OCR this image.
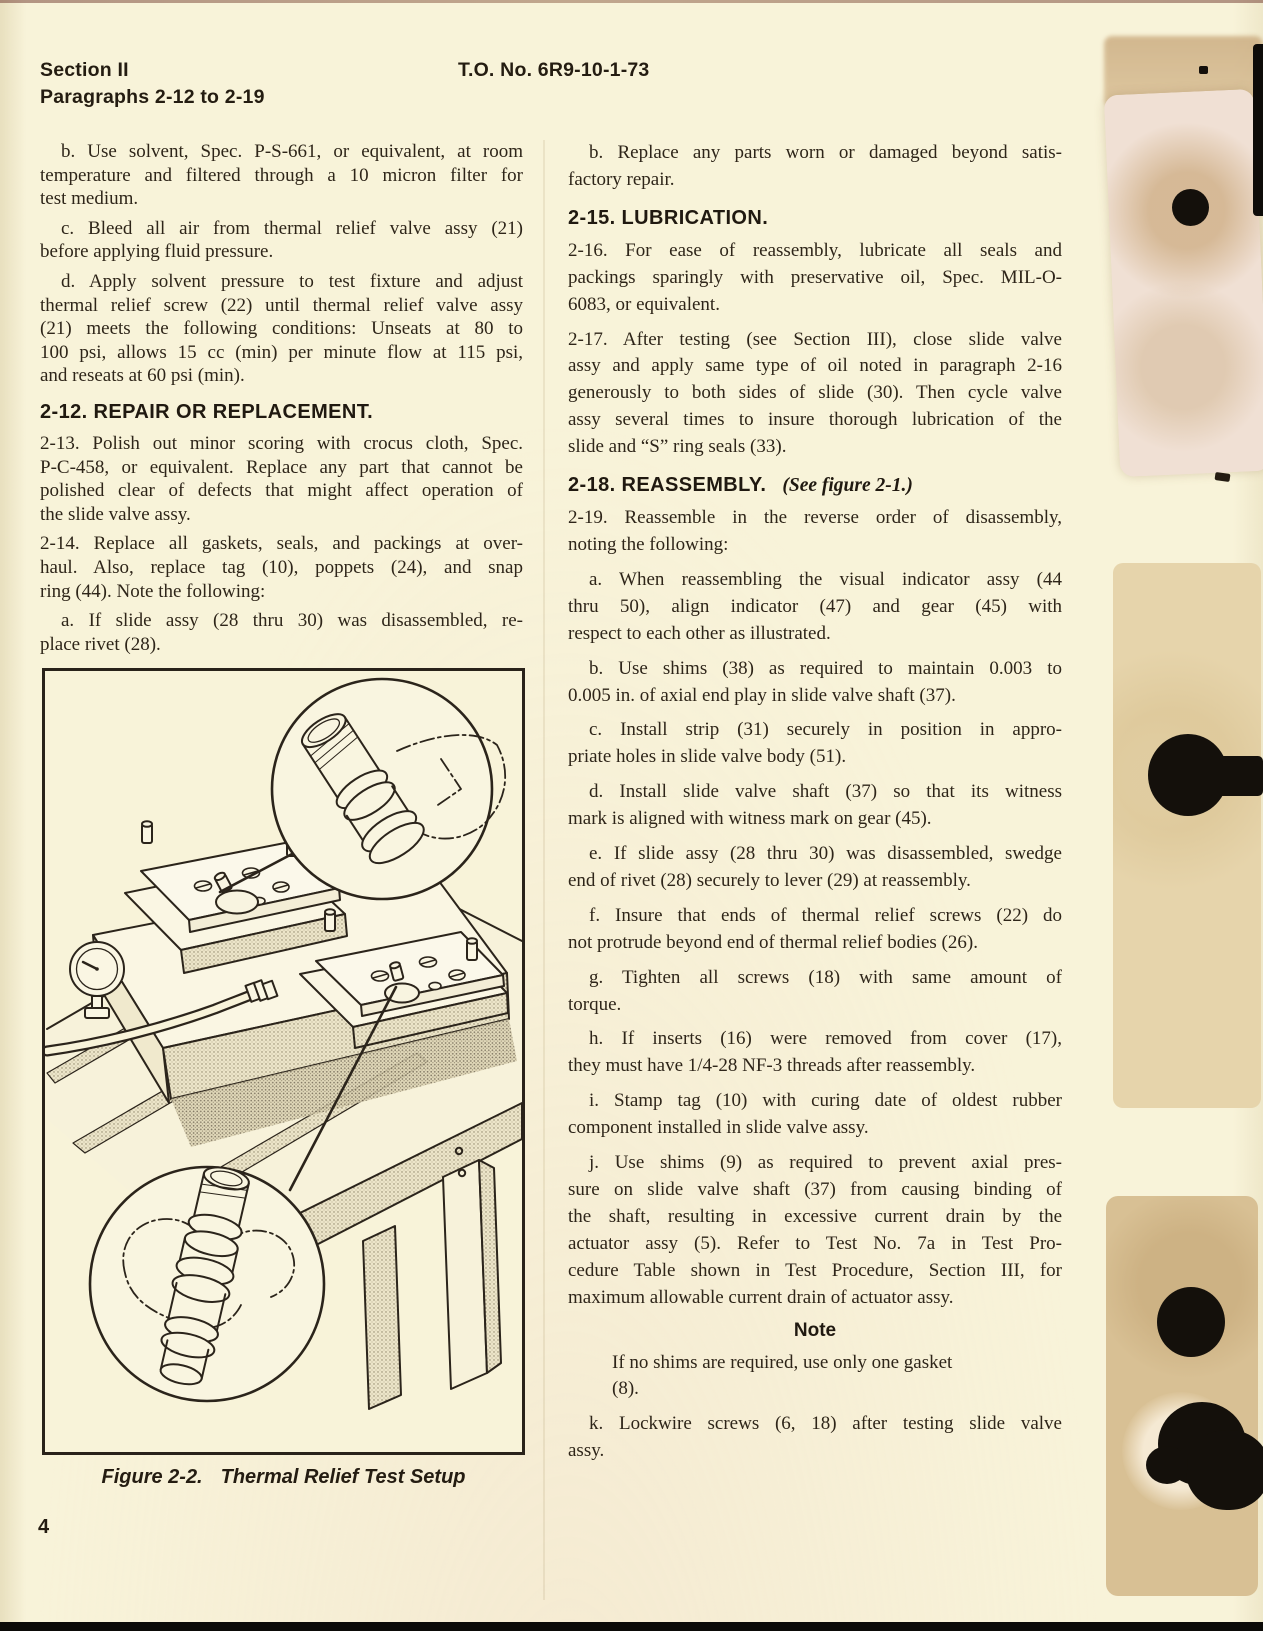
Section II
Paragraphs 2-12 to 2-19
T.O. No. 6R9-10-1-73
b. Use solvent, Spec. P-S-661, or equivalent, at room
temperature and filtered through a 10 micron filter for
test medium.
c. Bleed all air from thermal relief valve assy (21)
before applying fluid pressure.
d. Apply solvent pressure to test fixture and adjust
thermal relief screw (22) until thermal relief valve assy
(21) meets the following conditions: Unseats at 80 to
100 psi, allows 15 cc (min) per minute flow at 115 psi,
and reseats at 60 psi (min).
2-12. REPAIR OR REPLACEMENT.
2-13. Polish out minor scoring with crocus cloth, Spec.
P-C-458, or equivalent. Replace any part that cannot be
polished clear of defects that might affect operation of
the slide valve assy.
2-14. Replace all gaskets, seals, and packings at over-
haul. Also, replace tag (10), poppets (24), and snap
ring (44). Note the following:
a. If slide assy (28 thru 30) was disassembled, re-
place rivet (28).
b. Replace any parts worn or damaged beyond satis-
factory repair.
2-15. LUBRICATION.
2-16. For ease of reassembly, lubricate all seals and
packings sparingly with preservative oil, Spec. MIL-O-
6083, or equivalent.
2-17. After testing (see Section III), close slide valve
assy and apply same type of oil noted in paragraph 2-16
generously to both sides of slide (30). Then cycle valve
assy several times to insure thorough lubrication of the
slide and “S” ring seals (33).
2-18. REASSEMBLY. (See figure 2-1.)
2-19. Reassemble in the reverse order of disassembly,
noting the following:
a. When reassembling the visual indicator assy (44
thru 50), align indicator (47) and gear (45) with
respect to each other as illustrated.
b. Use shims (38) as required to maintain 0.003 to
0.005 in. of axial end play in slide valve shaft (37).
c. Install strip (31) securely in position in appro-
priate holes in slide valve body (51).
d. Install slide valve shaft (37) so that its witness
mark is aligned with witness mark on gear (45).
e. If slide assy (28 thru 30) was disassembled, swedge
end of rivet (28) securely to lever (29) at reassembly.
f. Insure that ends of thermal relief screws (22) do
not protrude beyond end of thermal relief bodies (26).
g. Tighten all screws (18) with same amount of
torque.
h. If inserts (16) were removed from cover (17),
they must have 1/4-28 NF-3 threads after reassembly.
i. Stamp tag (10) with curing date of oldest rubber
component installed in slide valve assy.
j. Use shims (9) as required to prevent axial pres-
sure on slide valve shaft (37) from causing binding of
the shaft, resulting in excessive current drain by the
actuator assy (5). Refer to Test No. 7a in Test Pro-
cedure Table shown in Test Procedure, Section III, for
maximum allowable current drain of actuator assy.
Note
If no shims are required, use only one gasket
(8).
k. Lockwire screws (6, 18) after testing slide valve
assy.
Figure 2-2. Thermal Relief Test Setup
4
